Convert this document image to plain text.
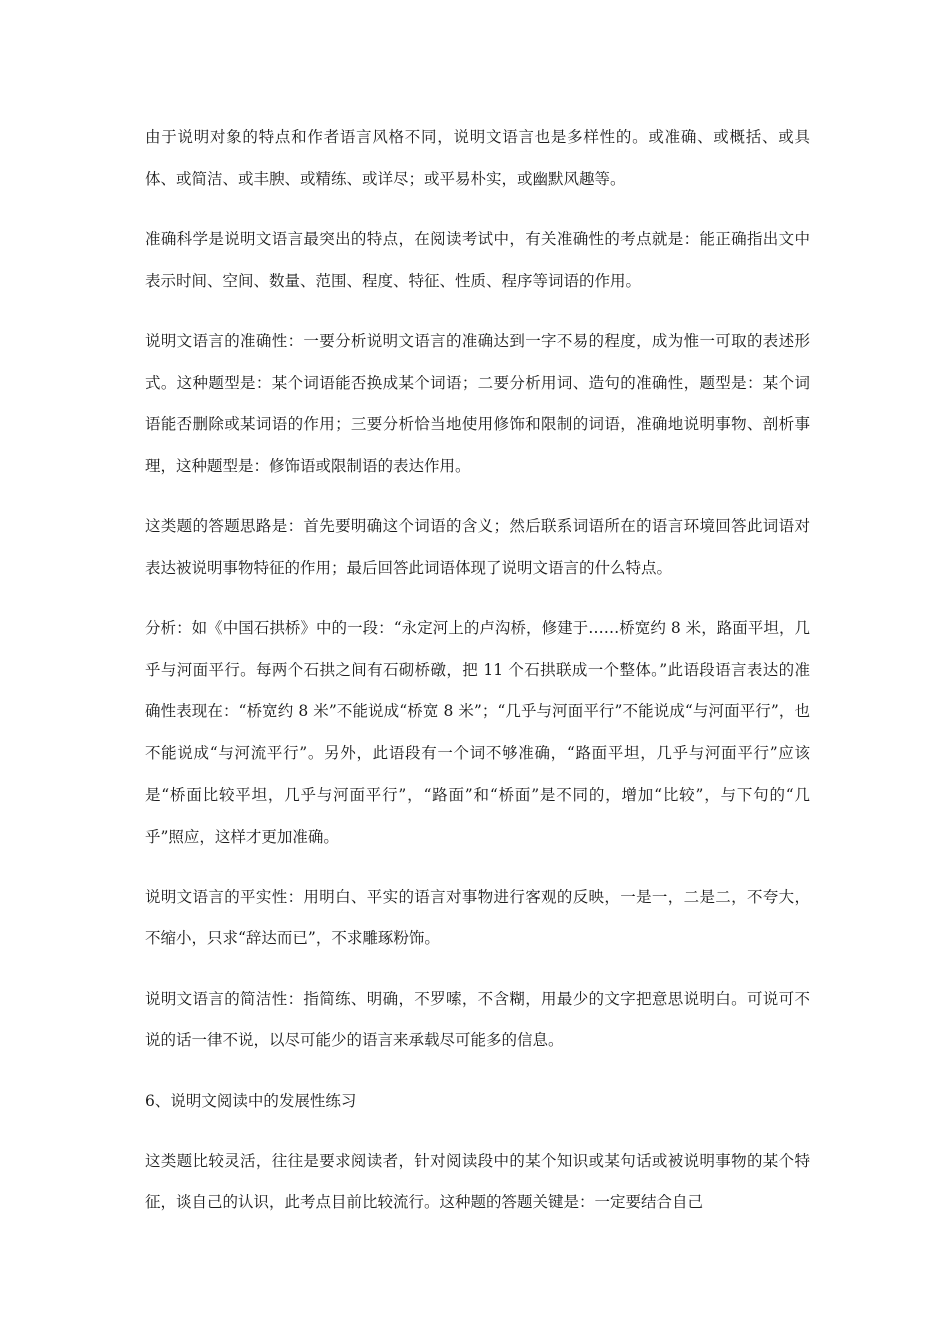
由于说明对象的特点和作者语言风格不同，说明文语言也是多样性的。或准确、或概括、或具体、或简洁、或丰腴、或精练、或详尽；或平易朴实，或幽默风趣等。

准确科学是说明文语言最突出的特点，在阅读考试中，有关准确性的考点就是：能正确指出文中表示时间、空间、数量、范围、程度、特征、性质、程序等词语的作用。

说明文语言的准确性：一要分析说明文语言的准确达到一字不易的程度，成为惟一可取的表述形式。这种题型是：某个词语能否换成某个词语；二要分析用词、造句的准确性，题型是：某个词语能否删除或某词语的作用；三要分析恰当地使用修饰和限制的词语，准确地说明事物、剖析事理，这种题型是：修饰语或限制语的表达作用。

这类题的答题思路是：首先要明确这个词语的含义；然后联系词语所在的语言环境回答此词语对表达被说明事物特征的作用；最后回答此词语体现了说明文语言的什么特点。

分析：如《中国石拱桥》中的一段：“永定河上的卢沟桥，修建于……桥宽约 8 米，路面平坦，几乎与河面平行。每两个石拱之间有石砌桥礅，把 11 个石拱联成一个整体。”此语段语言表达的准确性表现在：“桥宽约 8 米”不能说成“桥宽 8 米”；“几乎与河面平行”不能说成“与河面平行”，也不能说成“与河流平行”。另外，此语段有一个词不够准确，“路面平坦，几乎与河面平行”应该是“桥面比较平坦，几乎与河面平行”，“路面”和“桥面”是不同的，增加“比较”，与下句的“几乎”照应，这样才更加准确。

说明文语言的平实性：用明白、平实的语言对事物进行客观的反映，一是一，二是二，不夸大，不缩小，只求“辞达而已”，不求雕琢粉饰。

说明文语言的简洁性：指简练、明确，不罗嗦，不含糊，用最少的文字把意思说明白。可说可不说的话一律不说，以尽可能少的语言来承载尽可能多的信息。

6、说明文阅读中的发展性练习

这类题比较灵活，往往是要求阅读者，针对阅读段中的某个知识或某句话或被说明事物的某个特征，谈自己的认识，此考点目前比较流行。这种题的答题关键是：一定要结合自己
